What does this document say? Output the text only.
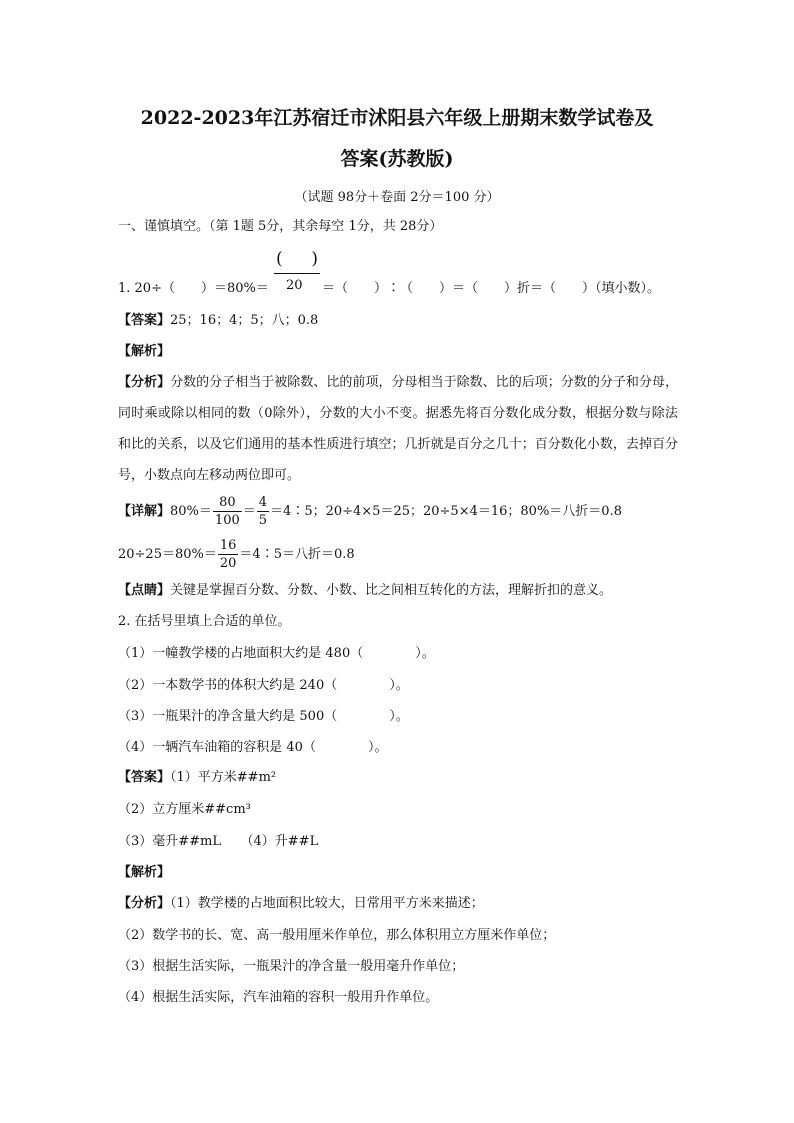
2022-2023年江苏宿迁市沭阳县六年级上册期末数学试卷及
答案(苏教版)
（试题 98分＋卷面 2分＝100 分）
一、谨慎填空。（第 1题 5分，其余每空 1分，共 28分）
( )
20
1. 20÷（　　）＝80%＝	＝（　　）∶（　　）＝（　　）折＝（　　）（填小数）。
【答案】25；16；4；5；八；0.8
【解析】
【分析】分数的分子相当于被除数、比的前项，分母相当于除数、比的后项；分数的分子和分母，同时乘或除以相同的数（0除外），分数的大小不变。据悉先将百分数化成分数，根据分数与除法和比的关系，以及它们通用的基本性质进行填空；几折就是百分之几十；百分数化小数，去掉百分号，小数点向左移动两位即可。
【详解】$80\%= \frac{80}{100} = \frac{4}{5}$ ＝4∶5；20÷4×5＝25；20÷5×4＝16；80%＝八折＝0.8
$20\div 25=80\%= \frac{16}{20}$ ＝4∶5＝八折＝0.8
【点睛】关键是掌握百分数、分数、小数、比之间相互转化的方法，理解折扣的意义。
2. 在括号里填上合适的单位。
（1）一幢教学楼的占地面积大约是 480（　　　　）。
（2）一本数学书的体积大约是 240（　　　　）。
（3）一瓶果汁的净含量大约是 500（　　　　）。
（4）一辆汽车油箱的容积是 40（　　　　）。
【答案】（1）平方米##m²
（2）立方厘米##cm³
（3）毫升##mL　　（4）升##L
【解析】
【分析】（1）教学楼的占地面积比较大，日常用平方米来描述；
（2）数学书的长、宽、高一般用厘米作单位，那么体积用立方厘米作单位；
（3）根据生活实际，一瓶果汁的净含量一般用毫升作单位；
（4）根据生活实际，汽车油箱的容积一般用升作单位。
